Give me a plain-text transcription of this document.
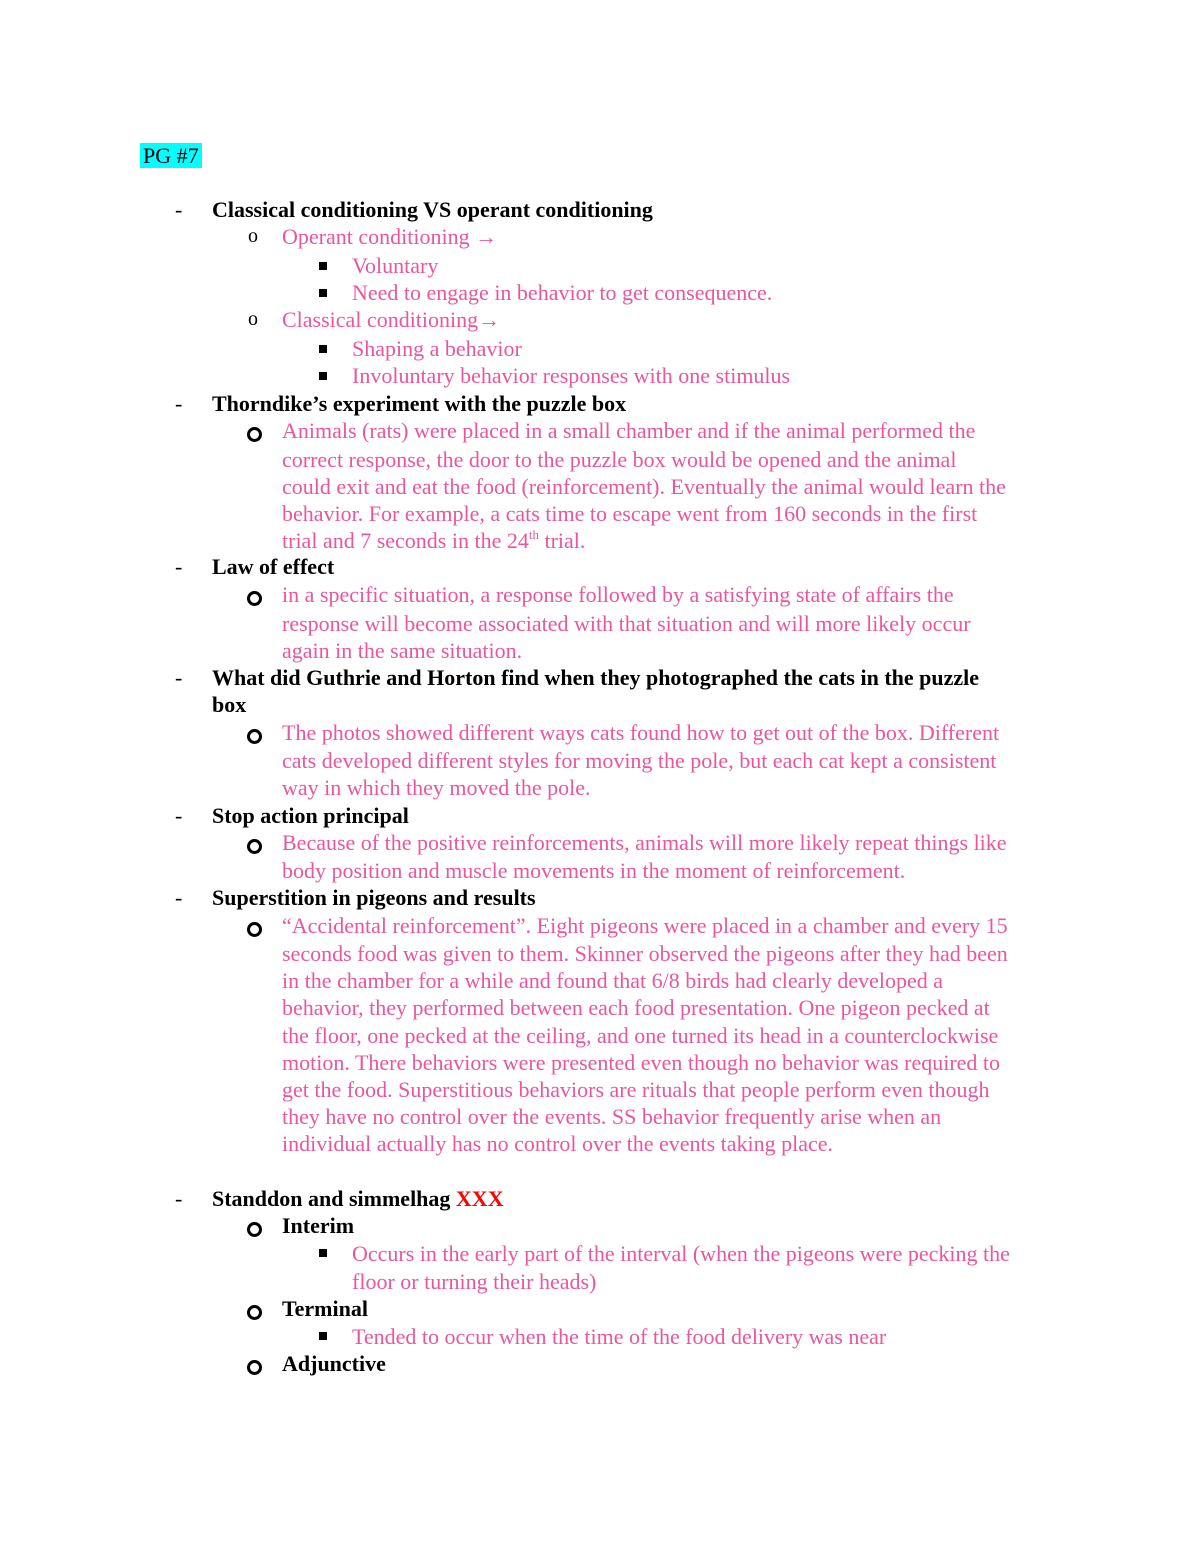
PG #7
- Classical conditioning VS operant conditioning
o Operant conditioning →
Voluntary
Need to engage in behavior to get consequence.
o Classical conditioning→
Shaping a behavior
Involuntary behavior responses with one stimulus
- Thorndike’s experiment with the puzzle box
Animals (rats) were placed in a small chamber and if the animal performed the
correct response, the door to the puzzle box would be opened and the animal
could exit and eat the food (reinforcement). Eventually the animal would learn the
behavior. For example, a cats time to escape went from 160 seconds in the first
trial and 7 seconds in the 24th trial.
- Law of effect
in a specific situation, a response followed by a satisfying state of affairs the
response will become associated with that situation and will more likely occur
again in the same situation.
- What did Guthrie and Horton find when they photographed the cats in the puzzle
box
The photos showed different ways cats found how to get out of the box. Different
cats developed different styles for moving the pole, but each cat kept a consistent
way in which they moved the pole.
- Stop action principal
Because of the positive reinforcements, animals will more likely repeat things like
body position and muscle movements in the moment of reinforcement.
- Superstition in pigeons and results
“Accidental reinforcement”. Eight pigeons were placed in a chamber and every 15
seconds food was given to them. Skinner observed the pigeons after they had been
in the chamber for a while and found that 6/8 birds had clearly developed a
behavior, they performed between each food presentation. One pigeon pecked at
the floor, one pecked at the ceiling, and one turned its head in a counterclockwise
motion. There behaviors were presented even though no behavior was required to
get the food. Superstitious behaviors are rituals that people perform even though
they have no control over the events. SS behavior frequently arise when an
individual actually has no control over the events taking place.
- Standdon and simmelhag XXX
Interim
Occurs in the early part of the interval (when the pigeons were pecking the
floor or turning their heads)
Terminal
Tended to occur when the time of the food delivery was near
Adjunctive
